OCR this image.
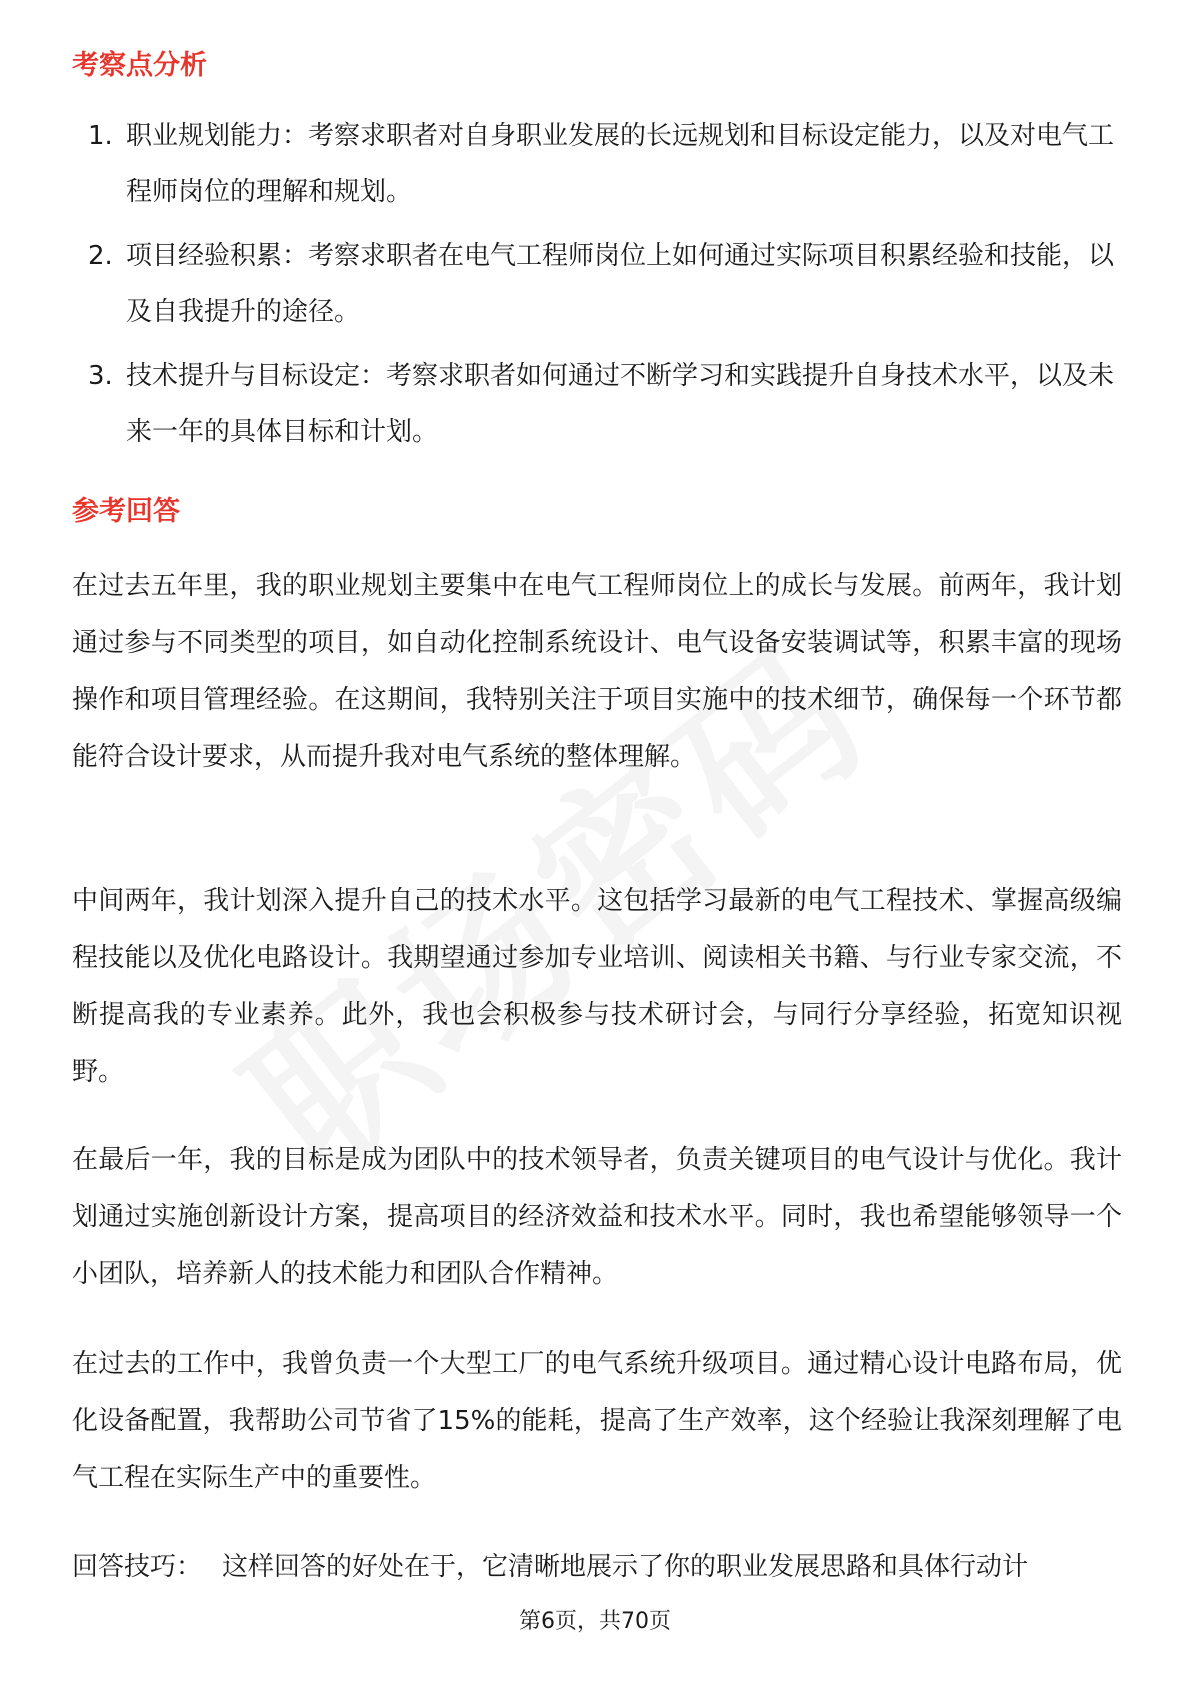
考察点分析
1. 职业规划能力：考察求职者对自身职业发展的长远规划和目标设定能力，以及对电气工程师岗位的理解和规划。
2. 项目经验积累：考察求职者在电气工程师岗位上如何通过实际项目积累经验和技能，以及自我提升的途径。
3. 技术提升与目标设定：考察求职者如何通过不断学习和实践提升自身技术水平，以及未来一年的具体目标和计划。
参考回答

在过去五年里，我的职业规划主要集中在电气工程师岗位上的成长与发展。前两年，我计划通过参与不同类型的项目，如自动化控制系统设计、电气设备安装调试等，积累丰富的现场操作和项目管理经验。在这期间，我特别关注于项目实施中的技术细节，确保每一个环节都能符合设计要求，从而提升我对电气系统的整体理解。

中间两年，我计划深入提升自己的技术水平。这包括学习最新的电气工程技术、掌握高级编程技能以及优化电路设计。我期望通过参加专业培训、阅读相关书籍、与行业专家交流，不断提高我的专业素养。此外，我也会积极参与技术研讨会，与同行分享经验，拓宽知识视野。

在最后一年，我的目标是成为团队中的技术领导者，负责关键项目的电气设计与优化。我计划通过实施创新设计方案，提高项目的经济效益和技术水平。同时，我也希望能够领导一个小团队，培养新人的技术能力和团队合作精神。

在过去的工作中，我曾负责一个大型工厂的电气系统升级项目。通过精心设计电路布局，优化设备配置，我帮助公司节省了15%的能耗，提高了生产效率，这个经验让我深刻理解了电气工程在实际生产中的重要性。

回答技巧： 这样回答的好处在于，它清晰地展示了你的职业发展思路和具体行动计

第6页，共70页
